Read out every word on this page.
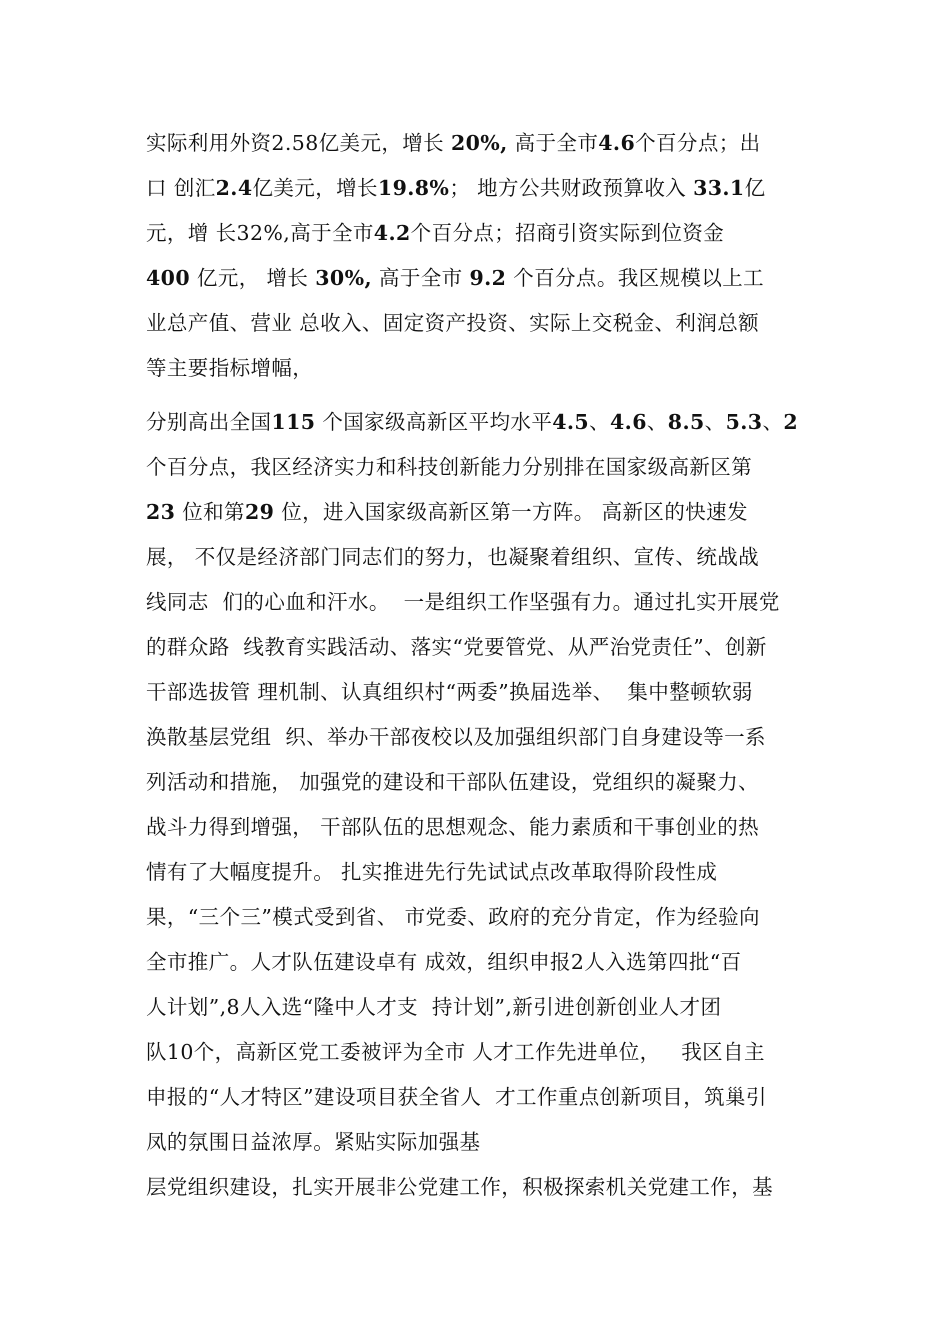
实际利用外资2.58亿美元，增长 20%, 高于全市4.6个百分点；出
口 创汇2.4亿美元，增长19.8%； 地方公共财政预算收入 33.1亿
元，增 长32%,高于全市4.2个百分点；招商引资实际到位资金
400 亿元， 增长 30%, 高于全市 9.2 个百分点。我区规模以上工
业总产值、营业 总收入、固定资产投资、实际上交税金、利润总额
等主要指标增幅，
分别高出全国115 个国家级高新区平均水平4.5、4.6、8.5、5.3、2
个百分点，我区经济实力和科技创新能力分别排在国家级高新区第
23 位和第29 位，进入国家级高新区第一方阵。 高新区的快速发
展， 不仅是经济部门同志们的努力，也凝聚着组织、宣传、统战战
线同志  们的心血和汗水。  一是组织工作坚强有力。通过扎实开展党
的群众路  线教育实践活动、落实“党要管党、从严治党责任”、创新
干部选拔管 理机制、认真组织村“两委”换届选举、  集中整顿软弱
涣散基层党组  织、举办干部夜校以及加强组织部门自身建设等一系
列活动和措施， 加强党的建设和干部队伍建设，党组织的凝聚力、
战斗力得到增强， 干部队伍的思想观念、能力素质和干事创业的热
情有了大幅度提升。 扎实推进先行先试试点改革取得阶段性成
果，“三个三”模式受到省、 市党委、政府的充分肯定，作为经验向
全市推广。人才队伍建设卓有 成效，组织申报2人入选第四批“百
人计划”,8人入选“隆中人才支  持计划”,新引进创新创业人才团
队10个，高新区党工委被评为全市 人才工作先进单位，   我区自主
申报的“人才特区”建设项目获全省人  才工作重点创新项目，筑巢引
凤的氛围日益浓厚。紧贴实际加强基
层党组织建设，扎实开展非公党建工作，积极探索机关党建工作，基
